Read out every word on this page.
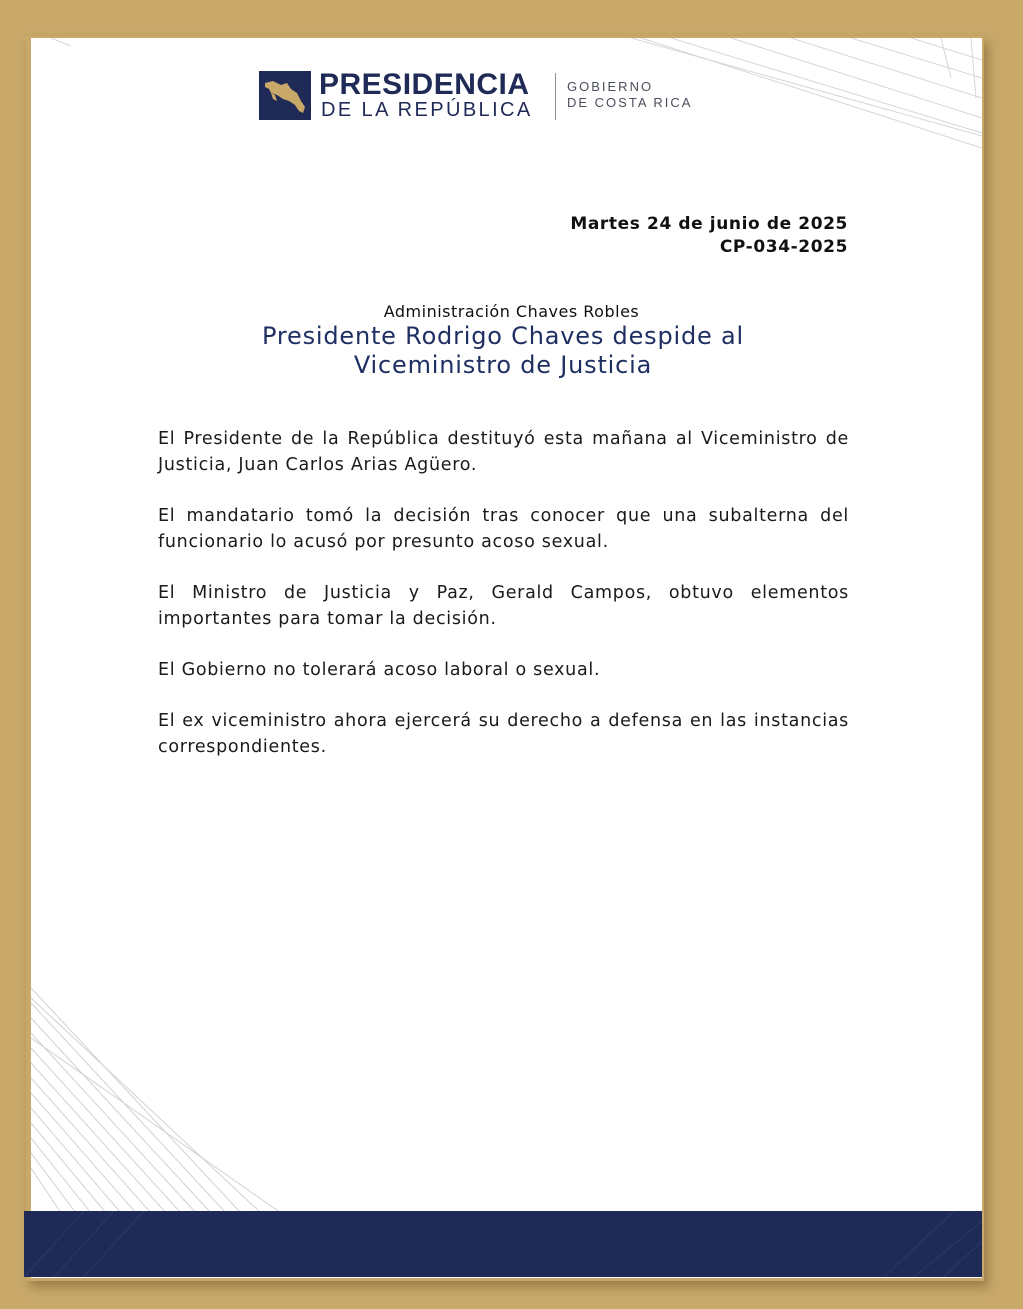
PRESIDENCIA
DE LA REPÚBLICA
GOBIERNO
DE COSTA RICA
Martes 24 de junio de 2025
CP-034-2025
Administración Chaves Robles
Presidente Rodrigo Chaves despide al
Viceministro de Justicia

El Presidente de la República destituyó esta mañana al Viceministro de Justicia, Juan Carlos Arias Agüero.

El mandatario tomó la decisión tras conocer que una subalterna del funcionario lo acusó por presunto acoso sexual.

El Ministro de Justicia y Paz, Gerald Campos, obtuvo elementos importantes para tomar la decisión.

El Gobierno no tolerará acoso laboral o sexual.

El ex viceministro ahora ejercerá su derecho a defensa en las instancias correspondientes.
